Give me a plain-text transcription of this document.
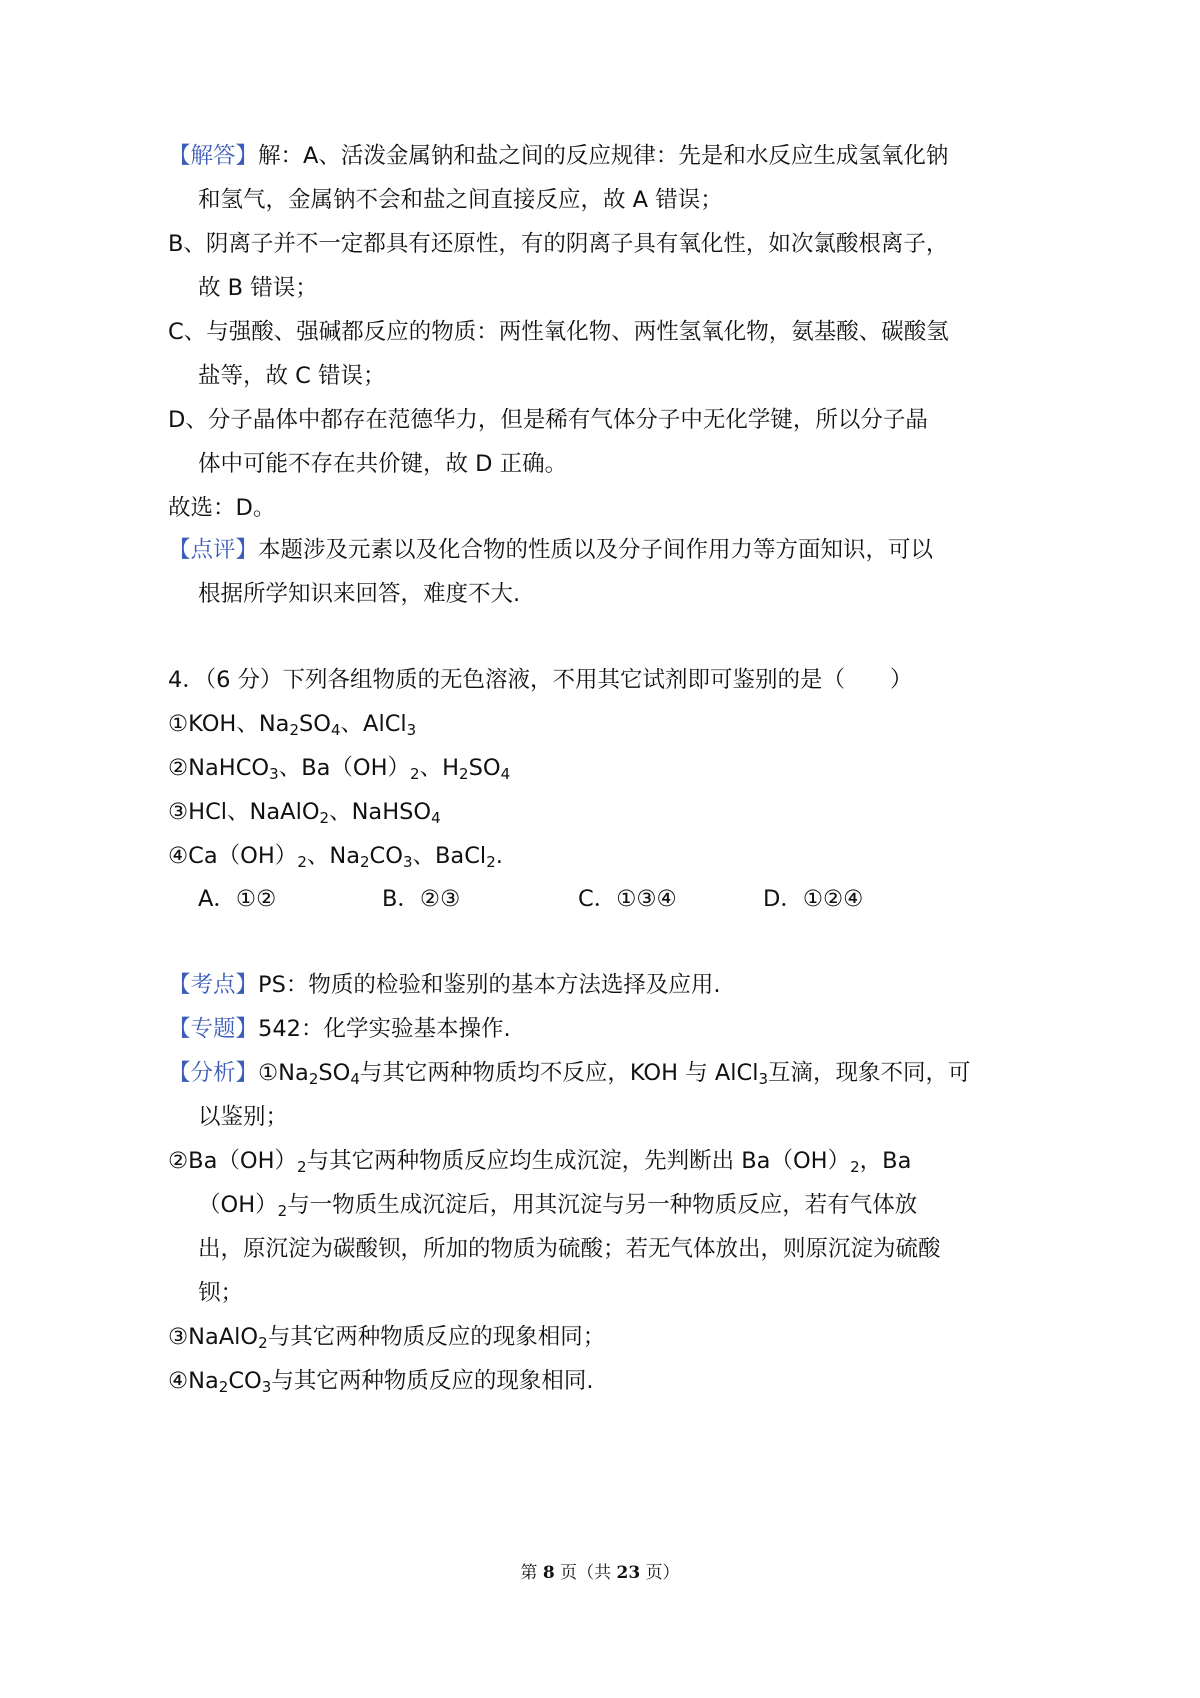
【解答】解：A、活泼金属钠和盐之间的反应规律：先是和水反应生成氢氧化钠
和氢气，金属钠不会和盐之间直接反应，故 A 错误；
B、阴离子并不一定都具有还原性，有的阴离子具有氧化性，如次氯酸根离子，
故 B 错误；
C、与强酸、强碱都反应的物质：两性氧化物、两性氢氧化物，氨基酸、碳酸氢
盐等，故 C 错误；
D、分子晶体中都存在范德华力，但是稀有气体分子中无化学键，所以分子晶
体中可能不存在共价键，故 D 正确。
故选：D。
【点评】本题涉及元素以及化合物的性质以及分子间作用力等方面知识，可以
根据所学知识来回答，难度不大.
4．（6 分）下列各组物质的无色溶液，不用其它试剂即可鉴别的是（　　）
①KOH、$Na_2SO_4$、AlCl$_3$
②NaHCO$_3$、$Ba(OH)_2$、$H_2SO_4$
③HCl、NaAlO$_2$、NaHSO$_4$
$④Ca(OH)_2$、$Na_2CO_3$、BaCl$_2$.
A．①②	B．②③	C．①③④	D．①②④
【考点】PS：物质的检验和鉴别的基本方法选择及应用.
【专题】542：化学实验基本操作.
【分析】$①Na_2SO_4$与其它两种物质均不反应，KOH 与 AlCl$_3$互滴，现象不同，可
以鉴别；
$②Ba(OH)_2$与其它两种物质反应均生成沉淀，先判断出 $Ba(OH)_2$，Ba
$(OH)_2$与一物质生成沉淀后，用其沉淀与另一种物质反应，若有气体放
出，原沉淀为碳酸钡，所加的物质为硫酸；若无气体放出，则原沉淀为硫酸
钡；
③NaAlO$_2$与其它两种物质反应的现象相同；
$④Na_2CO_3$与其它两种物质反应的现象相同.
第 8 页（共 23 页）
